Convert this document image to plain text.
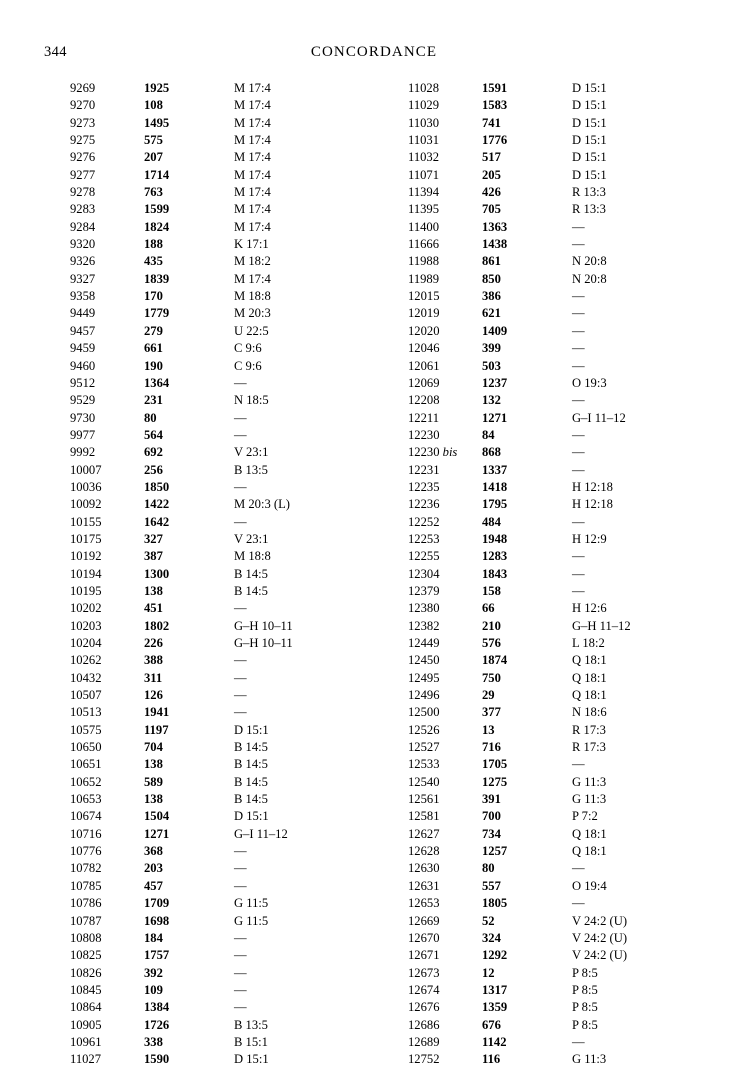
344	CONCORDANCE
9269	1925	M 17:4
9270	108	M 17:4
9273	1495	M 17:4
9275	575	M 17:4
9276	207	M 17:4
9277	1714	M 17:4
9278	763	M 17:4
9283	1599	M 17:4
9284	1824	M 17:4
9320	188	K 17:1
9326	435	M 18:2
9327	1839	M 17:4
9358	170	M 18:8
9449	1779	M 20:3
9457	279	U 22:5
9459	661	C 9:6
9460	190	C 9:6
9512	1364	—
9529	231	N 18:5
9730	80	—
9977	564	—
9992	692	V 23:1
10007	256	B 13:5
10036	1850	—
10092	1422	M 20:3 (L)
10155	1642	—
10175	327	V 23:1
10192	387	M 18:8
10194	1300	B 14:5
10195	138	B 14:5
10202	451	—
10203	1802	G–H 10–11
10204	226	G–H 10–11
10262	388	—
10432	311	—
10507	126	—
10513	1941	—
10575	1197	D 15:1
10650	704	B 14:5
10651	138	B 14:5
10652	589	B 14:5
10653	138	B 14:5
10674	1504	D 15:1
10716	1271	G–I 11–12
10776	368	—
10782	203	—
10785	457	—
10786	1709	G 11:5
10787	1698	G 11:5
10808	184	—
10825	1757	—
10826	392	—
10845	109	—
10864	1384	—
10905	1726	B 13:5
10961	338	B 15:1
11027	1590	D 15:1
11028	1591	D 15:1
11029	1583	D 15:1
11030	741	D 15:1
11031	1776	D 15:1
11032	517	D 15:1
11071	205	D 15:1
11394	426	R 13:3
11395	705	R 13:3
11400	1363	—
11666	1438	—
11988	861	N 20:8
11989	850	N 20:8
12015	386	—
12019	621	—
12020	1409	—
12046	399	—
12061	503	—
12069	1237	O 19:3
12208	132	—
12211	1271	G–I 11–12
12230	84	—
12230 bis	868	—
12231	1337	—
12235	1418	H 12:18
12236	1795	H 12:18
12252	484	—
12253	1948	H 12:9
12255	1283	—
12304	1843	—
12379	158	—
12380	66	H 12:6
12382	210	G–H 11–12
12449	576	L 18:2
12450	1874	Q 18:1
12495	750	Q 18:1
12496	29	Q 18:1
12500	377	N 18:6
12526	13	R 17:3
12527	716	R 17:3
12533	1705	—
12540	1275	G 11:3
12561	391	G 11:3
12581	700	P 7:2
12627	734	Q 18:1
12628	1257	Q 18:1
12630	80	—
12631	557	O 19:4
12653	1805	—
12669	52	V 24:2 (U)
12670	324	V 24:2 (U)
12671	1292	V 24:2 (U)
12673	12	P 8:5
12674	1317	P 8:5
12676	1359	P 8:5
12686	676	P 8:5
12689	1142	—
12752	116	G 11:3
